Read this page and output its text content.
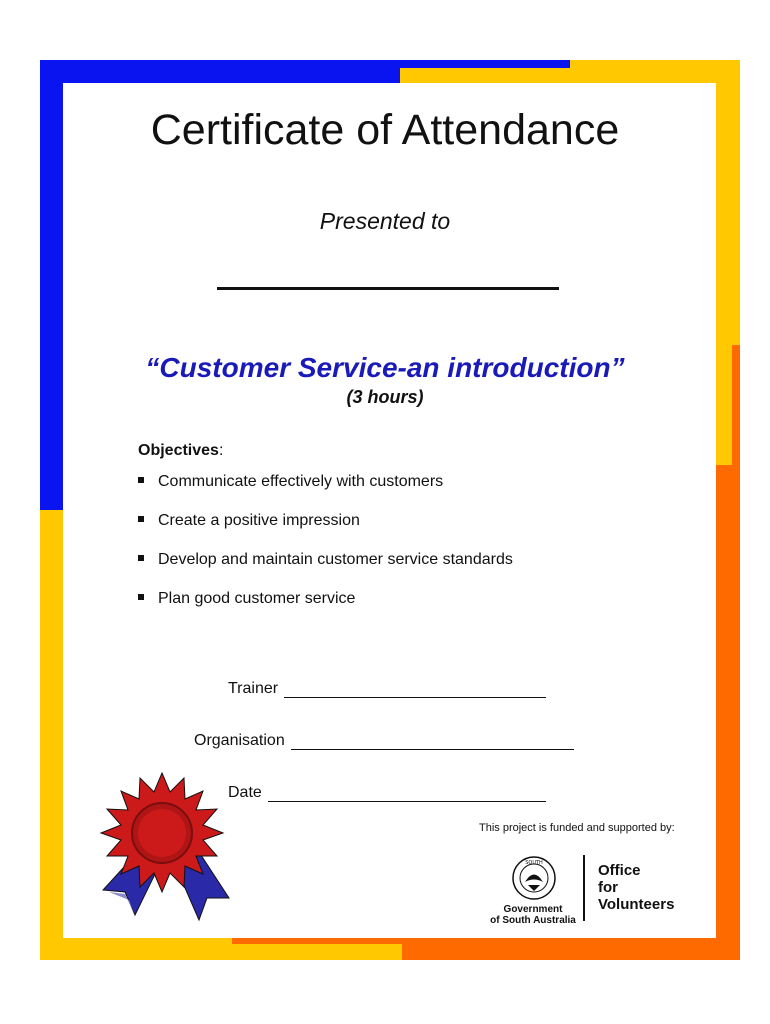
Certificate of Attendance
Presented to
“Customer Service-an introduction”
(3 hours)
Objectives:
Communicate effectively with customers
Create a positive impression
Develop and maintain customer service standards
Plan good customer service
Trainer
Organisation
Date
This project is funded and supported by:
SOUTH
Government
of South Australia
Office
for
Volunteers
